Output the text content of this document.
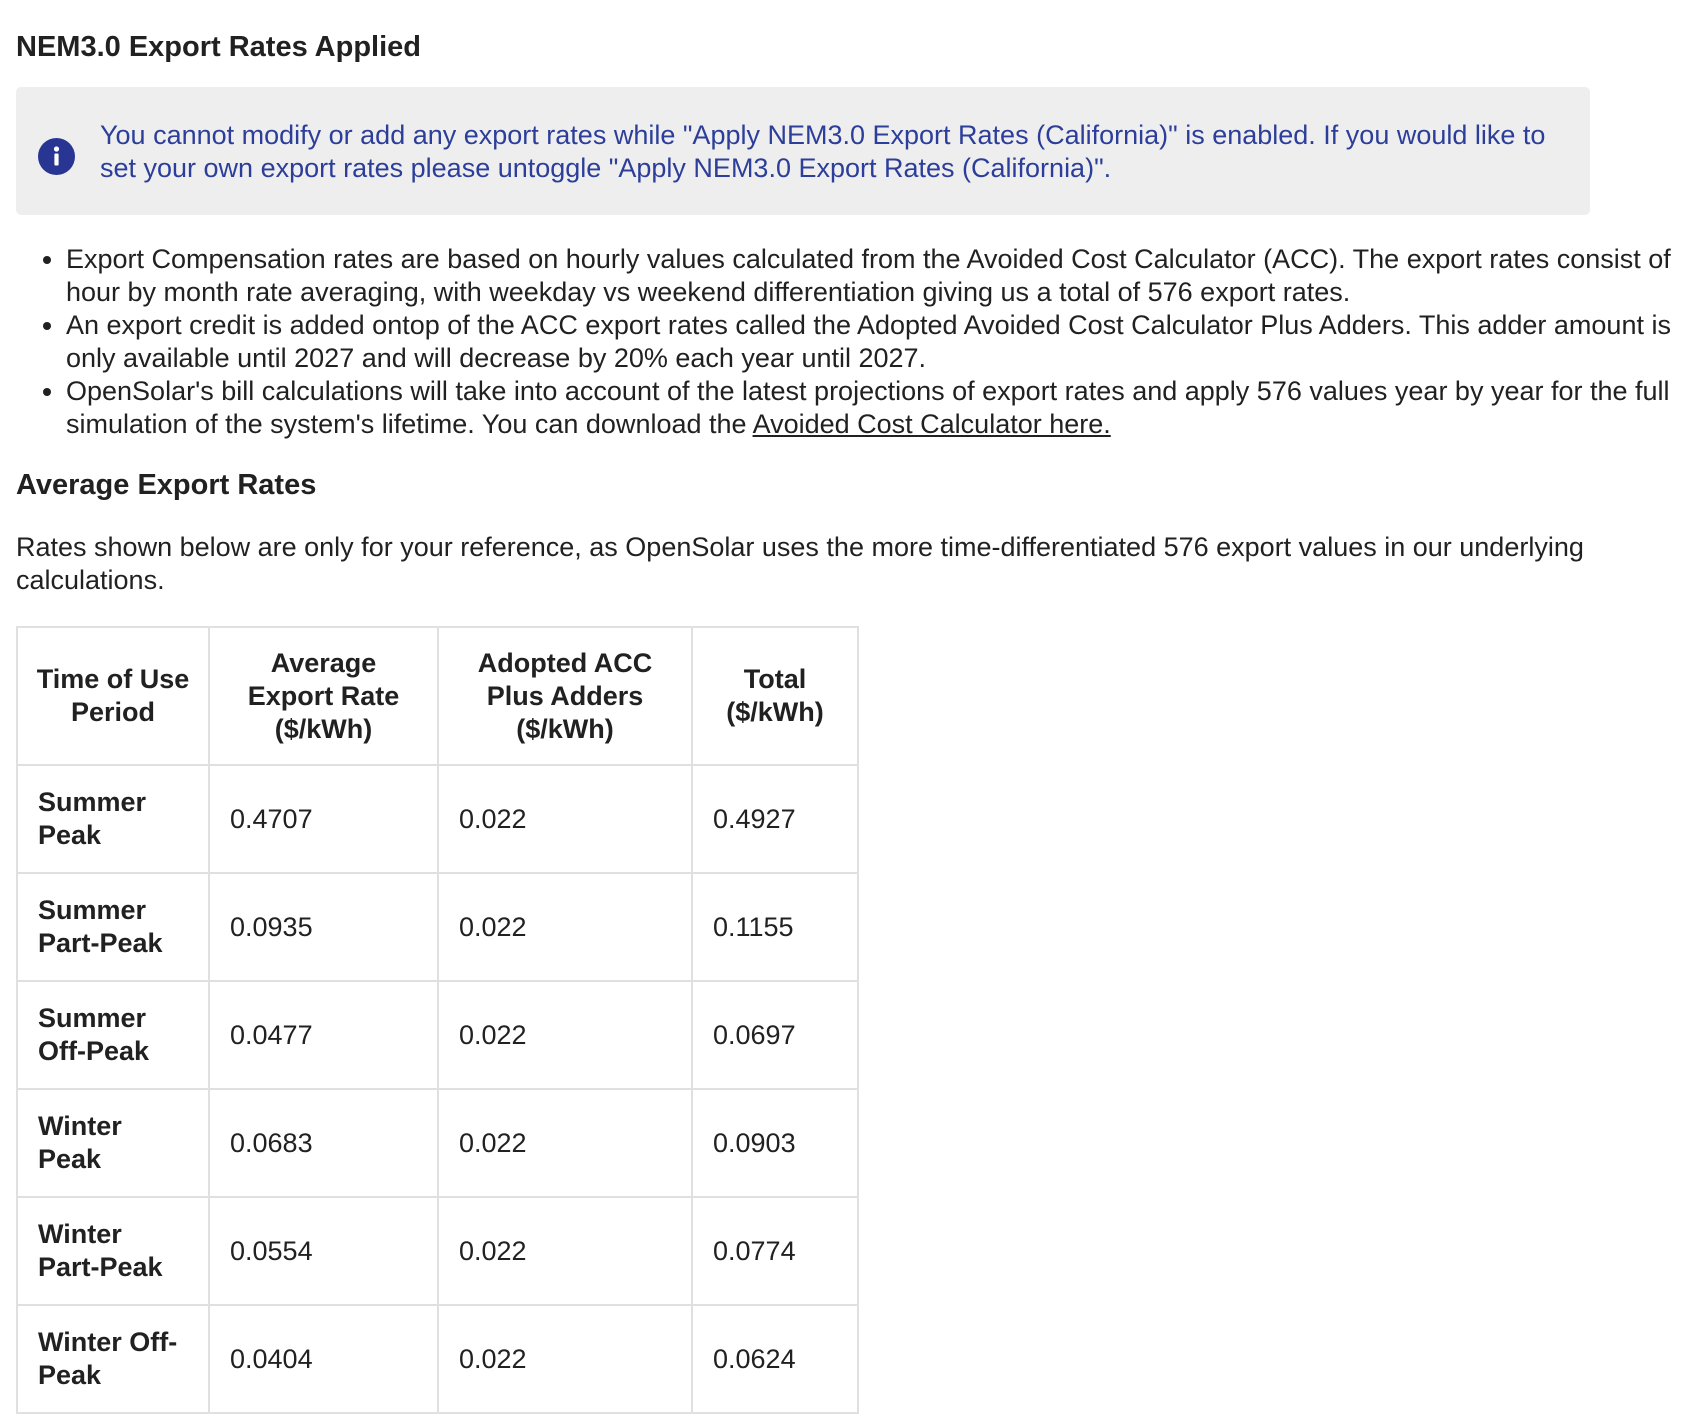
NEM3.0 Export Rates Applied
You cannot modify or add any export rates while "Apply NEM3.0 Export Rates (California)" is enabled. If you would like to set your own export rates please untoggle "Apply NEM3.0 Export Rates (California)".
• Export Compensation rates are based on hourly values calculated from the Avoided Cost Calculator (ACC). The export rates consist of hour by month rate averaging, with weekday vs weekend differentiation giving us a total of 576 export rates.
• An export credit is added ontop of the ACC export rates called the Adopted Avoided Cost Calculator Plus Adders. This adder amount is only available until 2027 and will decrease by 20% each year until 2027.
• OpenSolar's bill calculations will take into account of the latest projections of export rates and apply 576 values year by year for the full simulation of the system's lifetime. You can download the Avoided Cost Calculator here.
Average Export Rates

Rates shown below are only for your reference, as OpenSolar uses the more time-differentiated 576 export values in our underlying calculations.

Time of Use Period	Average Export Rate ($/kWh)	Adopted ACC Plus Adders ($/kWh)	Total ($/kWh)
Summer Peak	0.4707	0.022	0.4927
Summer Part-Peak	0.0935	0.022	0.1155
Summer Off-Peak	0.0477	0.022	0.0697
Winter Peak	0.0683	0.022	0.0903
Winter Part-Peak	0.0554	0.022	0.0774
Winter Off-Peak	0.0404	0.022	0.0624
